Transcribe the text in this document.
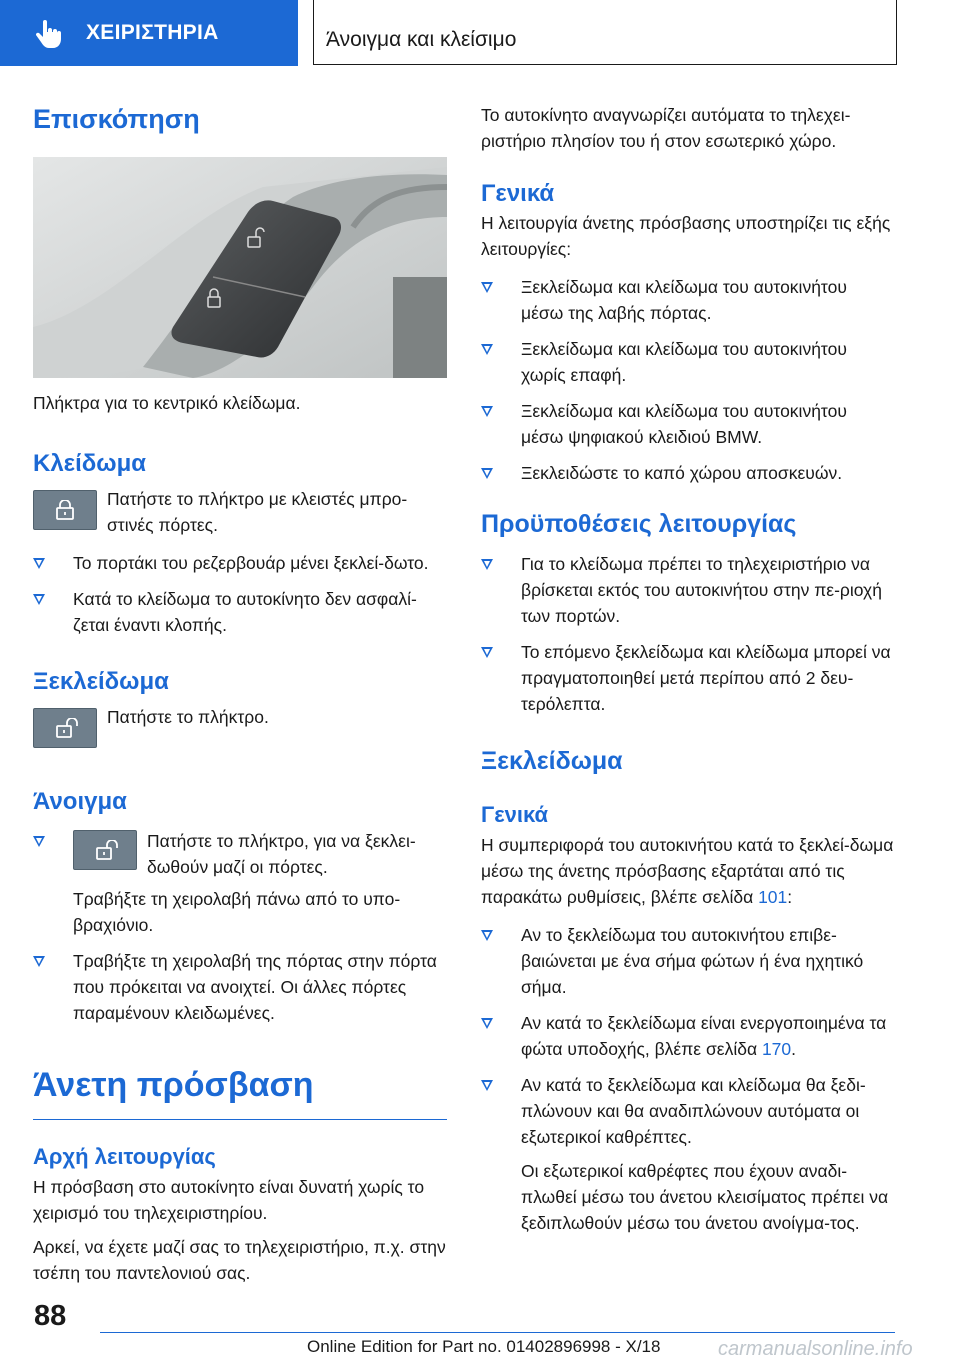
ΧΕΙΡΙΣΤΗΡΙΑ	Άνοιγμα και κλείσιμο
Επισκόπηση

Πλήκτρα για το κεντρικό κλείδωμα.

Κλείδωμα

Πατήστε το πλήκτρο με κλειστές μπρο‐στινές πόρτες.

Το πορτάκι του ρεζερβουάρ μένει ξεκλεί‐δωτο.
Κατά το κλείδωμα το αυτοκίνητο δεν ασφαλί‐ζεται έναντι κλοπής.
Ξεκλείδωμα

Πατήστε το πλήκτρο.

Άνοιγμα

Πατήστε το πλήκτρο, για να ξεκλει‐δωθούν μαζί οι πόρτες.

Τραβήξτε τη χειρολαβή πάνω από το υπο‐βραχιόνιο.

Τραβήξτε τη χειρολαβή της πόρτας στην πόρτα που πρόκειται να ανοιχτεί. Οι άλλες πόρτες παραμένουν κλειδωμένες.
Άνετη πρόσβαση
Αρχή λειτουργίας

Η πρόσβαση στο αυτοκίνητο είναι δυνατή χωρίς το χειρισμό του τηλεχειριστηρίου.

Αρκεί, να έχετε μαζί σας το τηλεχειριστήριο, π.χ. στην τσέπη του παντελονιού σας.

Το αυτοκίνητο αναγνωρίζει αυτόματα το τηλεχει‐ριστήριο πλησίον του ή στον εσωτερικό χώρο.

Γενικά

Η λειτουργία άνετης πρόσβασης υποστηρίζει τις εξής λειτουργίες:

Ξεκλείδωμα και κλείδωμα του αυτοκινήτου μέσω της λαβής πόρτας.
Ξεκλείδωμα και κλείδωμα του αυτοκινήτου χωρίς επαφή.
Ξεκλείδωμα και κλείδωμα του αυτοκινήτου μέσω ψηφιακού κλειδιού BMW.
Ξεκλειδώστε το καπό χώρου αποσκευών.
Προϋποθέσεις λειτουργίας
Για το κλείδωμα πρέπει το τηλεχειριστήριο να βρίσκεται εκτός του αυτοκινήτου στην πε‐ριοχή των πορτών.
Το επόμενο ξεκλείδωμα και κλείδωμα μπορεί να πραγματοποιηθεί μετά περίπου από 2 δευ‐τερόλεπτα.
Ξεκλείδωμα
Γενικά

Η συμπεριφορά του αυτοκινήτου κατά το ξεκλεί‐δωμα μέσω της άνετης πρόσβασης εξαρτάται από τις παρακάτω ρυθμίσεις, βλέπε σελίδα 101:

Αν το ξεκλείδωμα του αυτοκινήτου επιβε‐βαιώνεται με ένα σήμα φώτων ή ένα ηχητικό σήμα.
Αν κατά το ξεκλείδωμα είναι ενεργοποιημένα τα φώτα υποδοχής, βλέπε σελίδα 170.
Αν κατά το ξεκλείδωμα και κλείδωμα θα ξεδι‐πλώνουν και θα αναδιπλώνουν αυτόματα οι εξωτερικοί καθρέπτες.

Οι εξωτερικοί καθρέφτες που έχουν αναδι‐πλωθεί μέσω του άνετου κλεισίματος πρέπει να ξεδιπλωθούν μέσω του άνετου ανοίγμα‐τος.

88
Online Edition for Part no. 01402896998 - X/18	carmanualsonline.info
